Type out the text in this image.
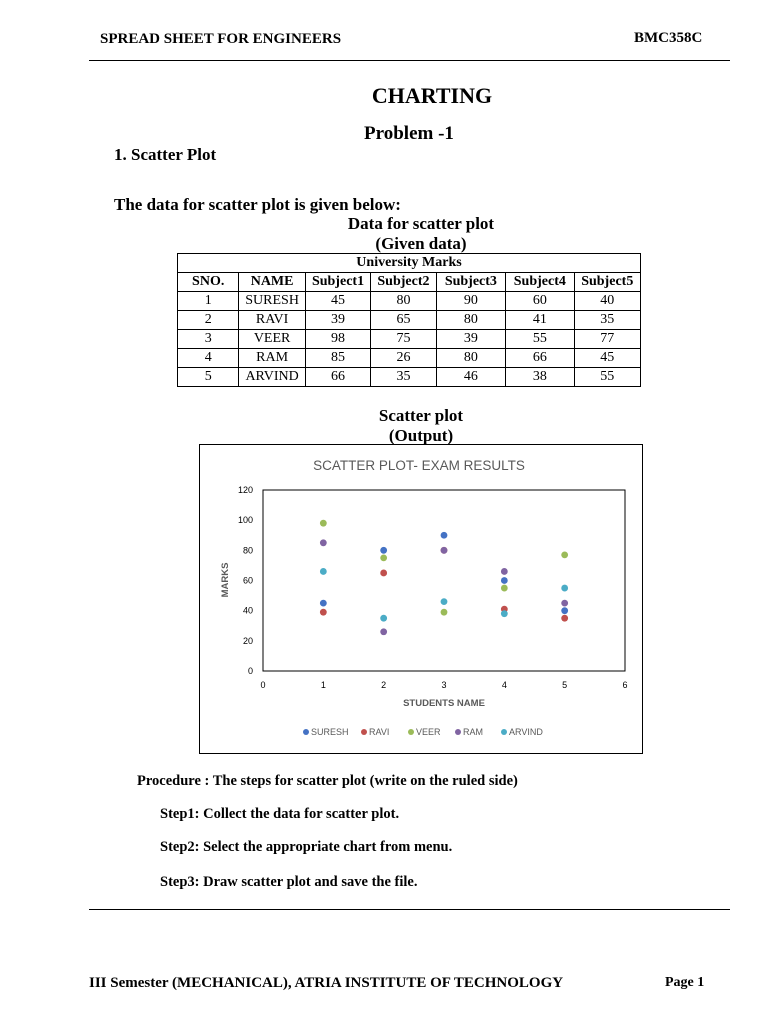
SPREAD SHEET FOR ENGINEERS	BMC358C
CHARTING
Problem -1
1. Scatter Plot
The data for scatter plot is given below:
Data for scatter plot
(Given data)
University Marks						
SNO.	NAME	Subject1	Subject2	Subject3	Subject4	Subject5
1	SURESH	45	80	90	60	40
2	RAVI	39	65	80	41	35
3	VEER	98	75	39	55	77
4	RAM	85	26	80	66	45
5	ARVIND	66	35	46	38	55
Scatter plot
(Output)
SCATTER PLOT- EXAM RESULTS
MARKS
STUDENTS NAME
0
20
40
60
80
100
120
0	1	2	3	4	5	6
SURESH RAVI	VEER RAM	ARVIND
Procedure : The steps for scatter plot (write on the ruled side)
Step1: Collect the data for scatter plot.
Step2: Select the appropriate chart from menu.
Step3: Draw scatter plot and save the file.
III Semester (MECHANICAL), ATRIA INSTITUTE OF TECHNOLOGY	Page 1
